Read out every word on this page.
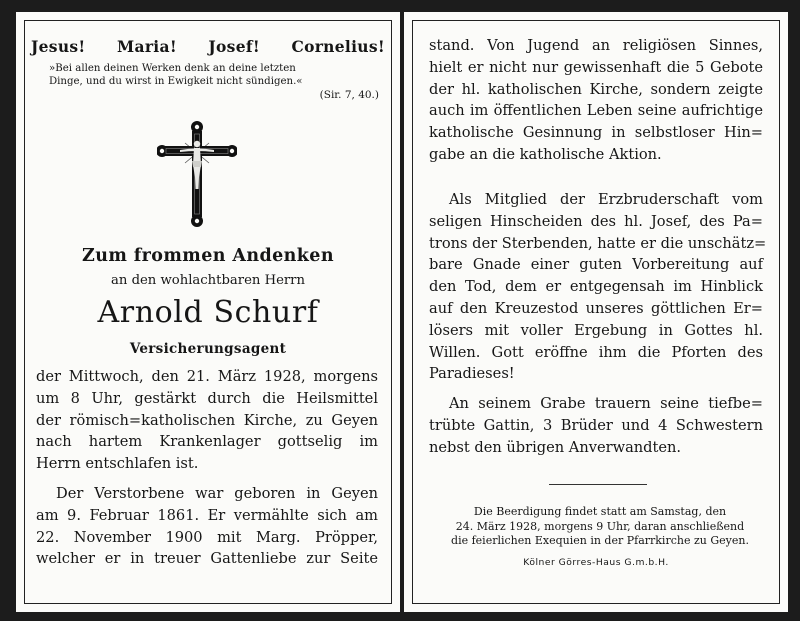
Jesus! Maria! Josef! Cornelius!
»Bei allen deinen Werken denk an deine letzten
Dinge, und du wirst in Ewigkeit nicht sündigen.«
(Sir. 7, 40.)
Zum frommen Andenken
an den wohlachtbaren Herrn
Arnold Schurf
Versicherungsagent
der Mittwoch, den 21. März 1928, morgens
um 8 Uhr, gestärkt durch die Heilsmittel
der römisch=katholischen Kirche, zu Geyen
nach hartem Krankenlager gottselig im
Herrn entschlafen ist.
Der Verstorbene war geboren in Geyen
am 9. Februar 1861. Er vermählte sich am
22. November 1900 mit Marg. Pröpper,
welcher er in treuer Gattenliebe zur Seite
stand. Von Jugend an religiösen Sinnes,
hielt er nicht nur gewissenhaft die 5 Gebote
der hl. katholischen Kirche, sondern zeigte
auch im öffentlichen Leben seine aufrichtige
katholische Gesinnung in selbstloser Hin=
gabe an die katholische Aktion.
Als Mitglied der Erzbruderschaft vom
seligen Hinscheiden des hl. Josef, des Pa=
trons der Sterbenden, hatte er die unschätz=
bare Gnade einer guten Vorbereitung auf
den Tod, dem er entgegensah im Hinblick
auf den Kreuzestod unseres göttlichen Er=
lösers mit voller Ergebung in Gottes hl.
Willen. Gott eröffne ihm die Pforten des
Paradieses!
An seinem Grabe trauern seine tiefbe=
trübte Gattin, 3 Brüder und 4 Schwestern
nebst den übrigen Anverwandten.
Die Beerdigung findet statt am Samstag, den
24. März 1928, morgens 9 Uhr, daran anschließend
die feierlichen Exequien in der Pfarrkirche zu Geyen.
Kölner Görres-Haus G.m.b.H.
